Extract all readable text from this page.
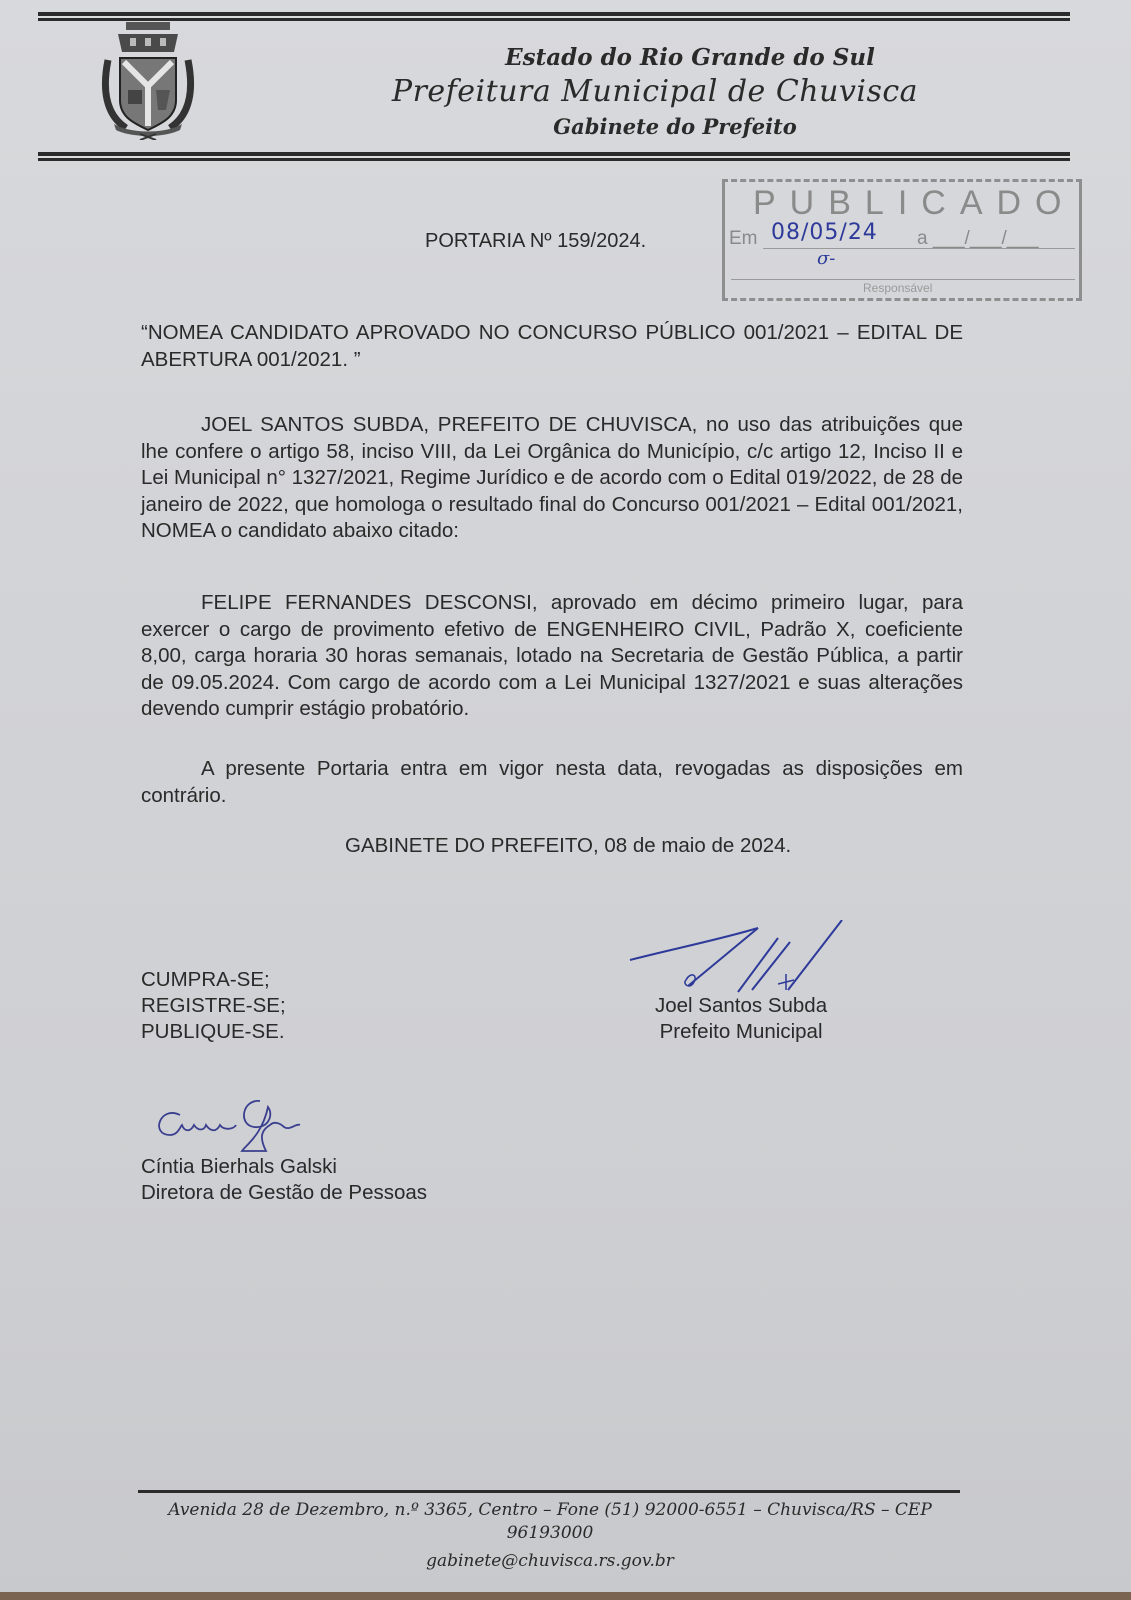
Estado do Rio Grande do Sul
Prefeitura Municipal de Chuvisca
Gabinete do Prefeito
PORTARIA Nº 159/2024.
PUBLICADO
Em 08/05/24 a ___/___/___
σ-
Responsável
“NOMEA CANDIDATO APROVADO NO CONCURSO PÚBLICO 001/2021 – EDITAL DE ABERTURA 001/2021. ”
JOEL SANTOS SUBDA, PREFEITO DE CHUVISCA, no uso das atribuições que lhe confere o artigo 58, inciso VIII, da Lei Orgânica do Município, c/c artigo 12, Inciso II e Lei Municipal n° 1327/2021, Regime Jurídico e de acordo com o Edital 019/2022, de 28 de janeiro de 2022, que homologa o resultado final do Concurso 001/2021 – Edital 001/2021, NOMEA o candidato abaixo citado:
FELIPE FERNANDES DESCONSI, aprovado em décimo primeiro lugar, para exercer o cargo de provimento efetivo de ENGENHEIRO CIVIL, Padrão X, coeficiente 8,00, carga horaria 30 horas semanais, lotado na Secretaria de Gestão Pública, a partir de 09.05.2024. Com cargo de acordo com a Lei Municipal 1327/2021 e suas alterações devendo cumprir estágio probatório.
A presente Portaria entra em vigor nesta data, revogadas as disposições em contrário.
GABINETE DO PREFEITO, 08 de maio de 2024.
CUMPRA-SE;
REGISTRE-SE;
PUBLIQUE-SE.
Joel Santos Subda
Prefeito Municipal
Cíntia Bierhals Galski
Diretora de Gestão de Pessoas
Avenida 28 de Dezembro, n.º 3365, Centro – Fone (51) 92000-6551 – Chuvisca/RS – CEP
96193000
gabinete@chuvisca.rs.gov.br
